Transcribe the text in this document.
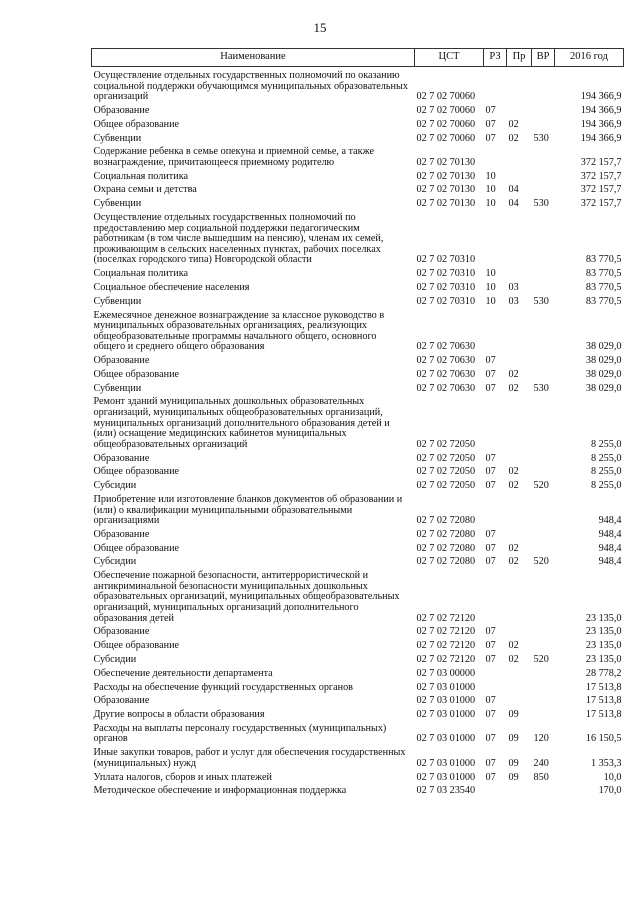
15
Наименование	ЦСТ	РЗ	Пр	ВР	2016 год
Осуществление отдельных государственных полномочий по оказанию социальной поддержки обучающимся муниципальных образовательных организаций	02 7 02 70060				194 366,9
Образование	02 7 02 70060	07			194 366,9
Общее образование	02 7 02 70060	07	02		194 366,9
Субвенции	02 7 02 70060	07	02	530	194 366,9
Содержание ребенка в семье опекуна и приемной семье, а также вознаграждение, причитающееся приемному родителю	02 7 02 70130				372 157,7
Социальная политика	02 7 02 70130	10			372 157,7
Охрана семьи и детства	02 7 02 70130	10	04		372 157,7
Субвенции	02 7 02 70130	10	04	530	372 157,7
Осуществление отдельных государственных полномочий по предоставлению мер социальной поддержки педагогическим работникам (в том числе вышедшим на пенсию), членам их семей, проживающим в сельских населенных пунктах, рабочих поселках (поселках городского типа) Новгородской области	02 7 02 70310				83 770,5
Социальная политика	02 7 02 70310	10			83 770,5
Социальное обеспечение населения	02 7 02 70310	10	03		83 770,5
Субвенции	02 7 02 70310	10	03	530	83 770,5
Ежемесячное денежное вознаграждение за классное руководство в муниципальных образовательных организациях, реализующих общеобразовательные программы начального общего, основного общего и среднего общего образования	02 7 02 70630				38 029,0
Образование	02 7 02 70630	07			38 029,0
Общее образование	02 7 02 70630	07	02		38 029,0
Субвенции	02 7 02 70630	07	02	530	38 029,0
Ремонт зданий муниципальных дошкольных образовательных организаций, муниципальных общеобразовательных организаций, муниципальных организаций дополнительного образования детей и (или) оснащение медицинских кабинетов муниципальных общеобразовательных организаций	02 7 02 72050				8 255,0
Образование	02 7 02 72050	07			8 255,0
Общее образование	02 7 02 72050	07	02		8 255,0
Субсидии	02 7 02 72050	07	02	520	8 255,0
Приобретение или изготовление бланков документов об образовании и (или) о квалификации муниципальными образовательными организациями	02 7 02 72080				948,4
Образование	02 7 02 72080	07			948,4
Общее образование	02 7 02 72080	07	02		948,4
Субсидии	02 7 02 72080	07	02	520	948,4
Обеспечение пожарной безопасности, антитеррористической и антикриминальной безопасности муниципальных дошкольных образовательных организаций, муниципальных общеобразовательных организаций, муниципальных организаций дополнительного образования детей	02 7 02 72120				23 135,0
Образование	02 7 02 72120	07			23 135,0
Общее образование	02 7 02 72120	07	02		23 135,0
Субсидии	02 7 02 72120	07	02	520	23 135,0
Обеспечение деятельности департамента	02 7 03 00000				28 778,2
Расходы на обеспечение функций государственных органов	02 7 03 01000				17 513,8
Образование	02 7 03 01000	07			17 513,8
Другие вопросы в области образования	02 7 03 01000	07	09		17 513,8
Расходы на выплаты персоналу государственных (муниципальных) органов	02 7 03 01000	07	09	120	16 150,5
Иные закупки товаров, работ и услуг для обеспечения государственных (муниципальных) нужд	02 7 03 01000	07	09	240	1 353,3
Уплата налогов, сборов и иных платежей	02 7 03 01000	07	09	850	10,0
Методическое обеспечение и информационная поддержка	02 7 03 23540				170,0
